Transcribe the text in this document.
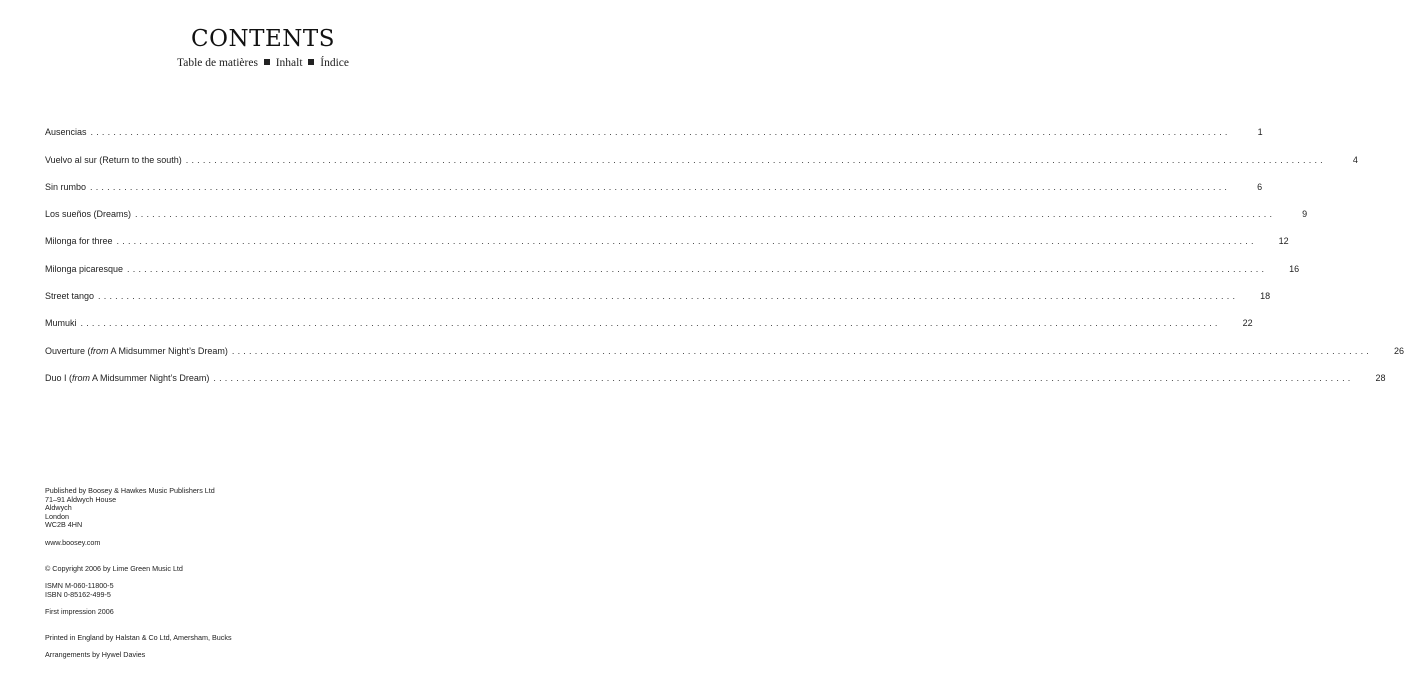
CONTENTS
Table de matières Inhalt Índice
Ausencias ........................................................................................................................................................................................................	1
Vuelvo al sur (Return to the south) ........................................................................................................................................................................................................	4
Sin rumbo ........................................................................................................................................................................................................	6
Los sueños (Dreams) ........................................................................................................................................................................................................	9
Milonga for three ........................................................................................................................................................................................................	12
Milonga picaresque ........................................................................................................................................................................................................	16
Street tango ........................................................................................................................................................................................................	18
Mumuki ........................................................................................................................................................................................................	22
Ouverture (from A Midsummer Night’s Dream) ........................................................................................................................................................................................................	26
Duo I (from A Midsummer Night’s Dream) ........................................................................................................................................................................................................	28
Published by Boosey & Hawkes Music Publishers Ltd
71–91 Aldwych House
Aldwych
London
WC2B 4HN
www.boosey.com
© Copyright 2006 by Lime Green Music Ltd
ISMN M-060-11800-5
ISBN 0-85162-499-5
First impression 2006
Printed in England by Halstan & Co Ltd, Amersham, Bucks
Arrangements by Hywel Davies
